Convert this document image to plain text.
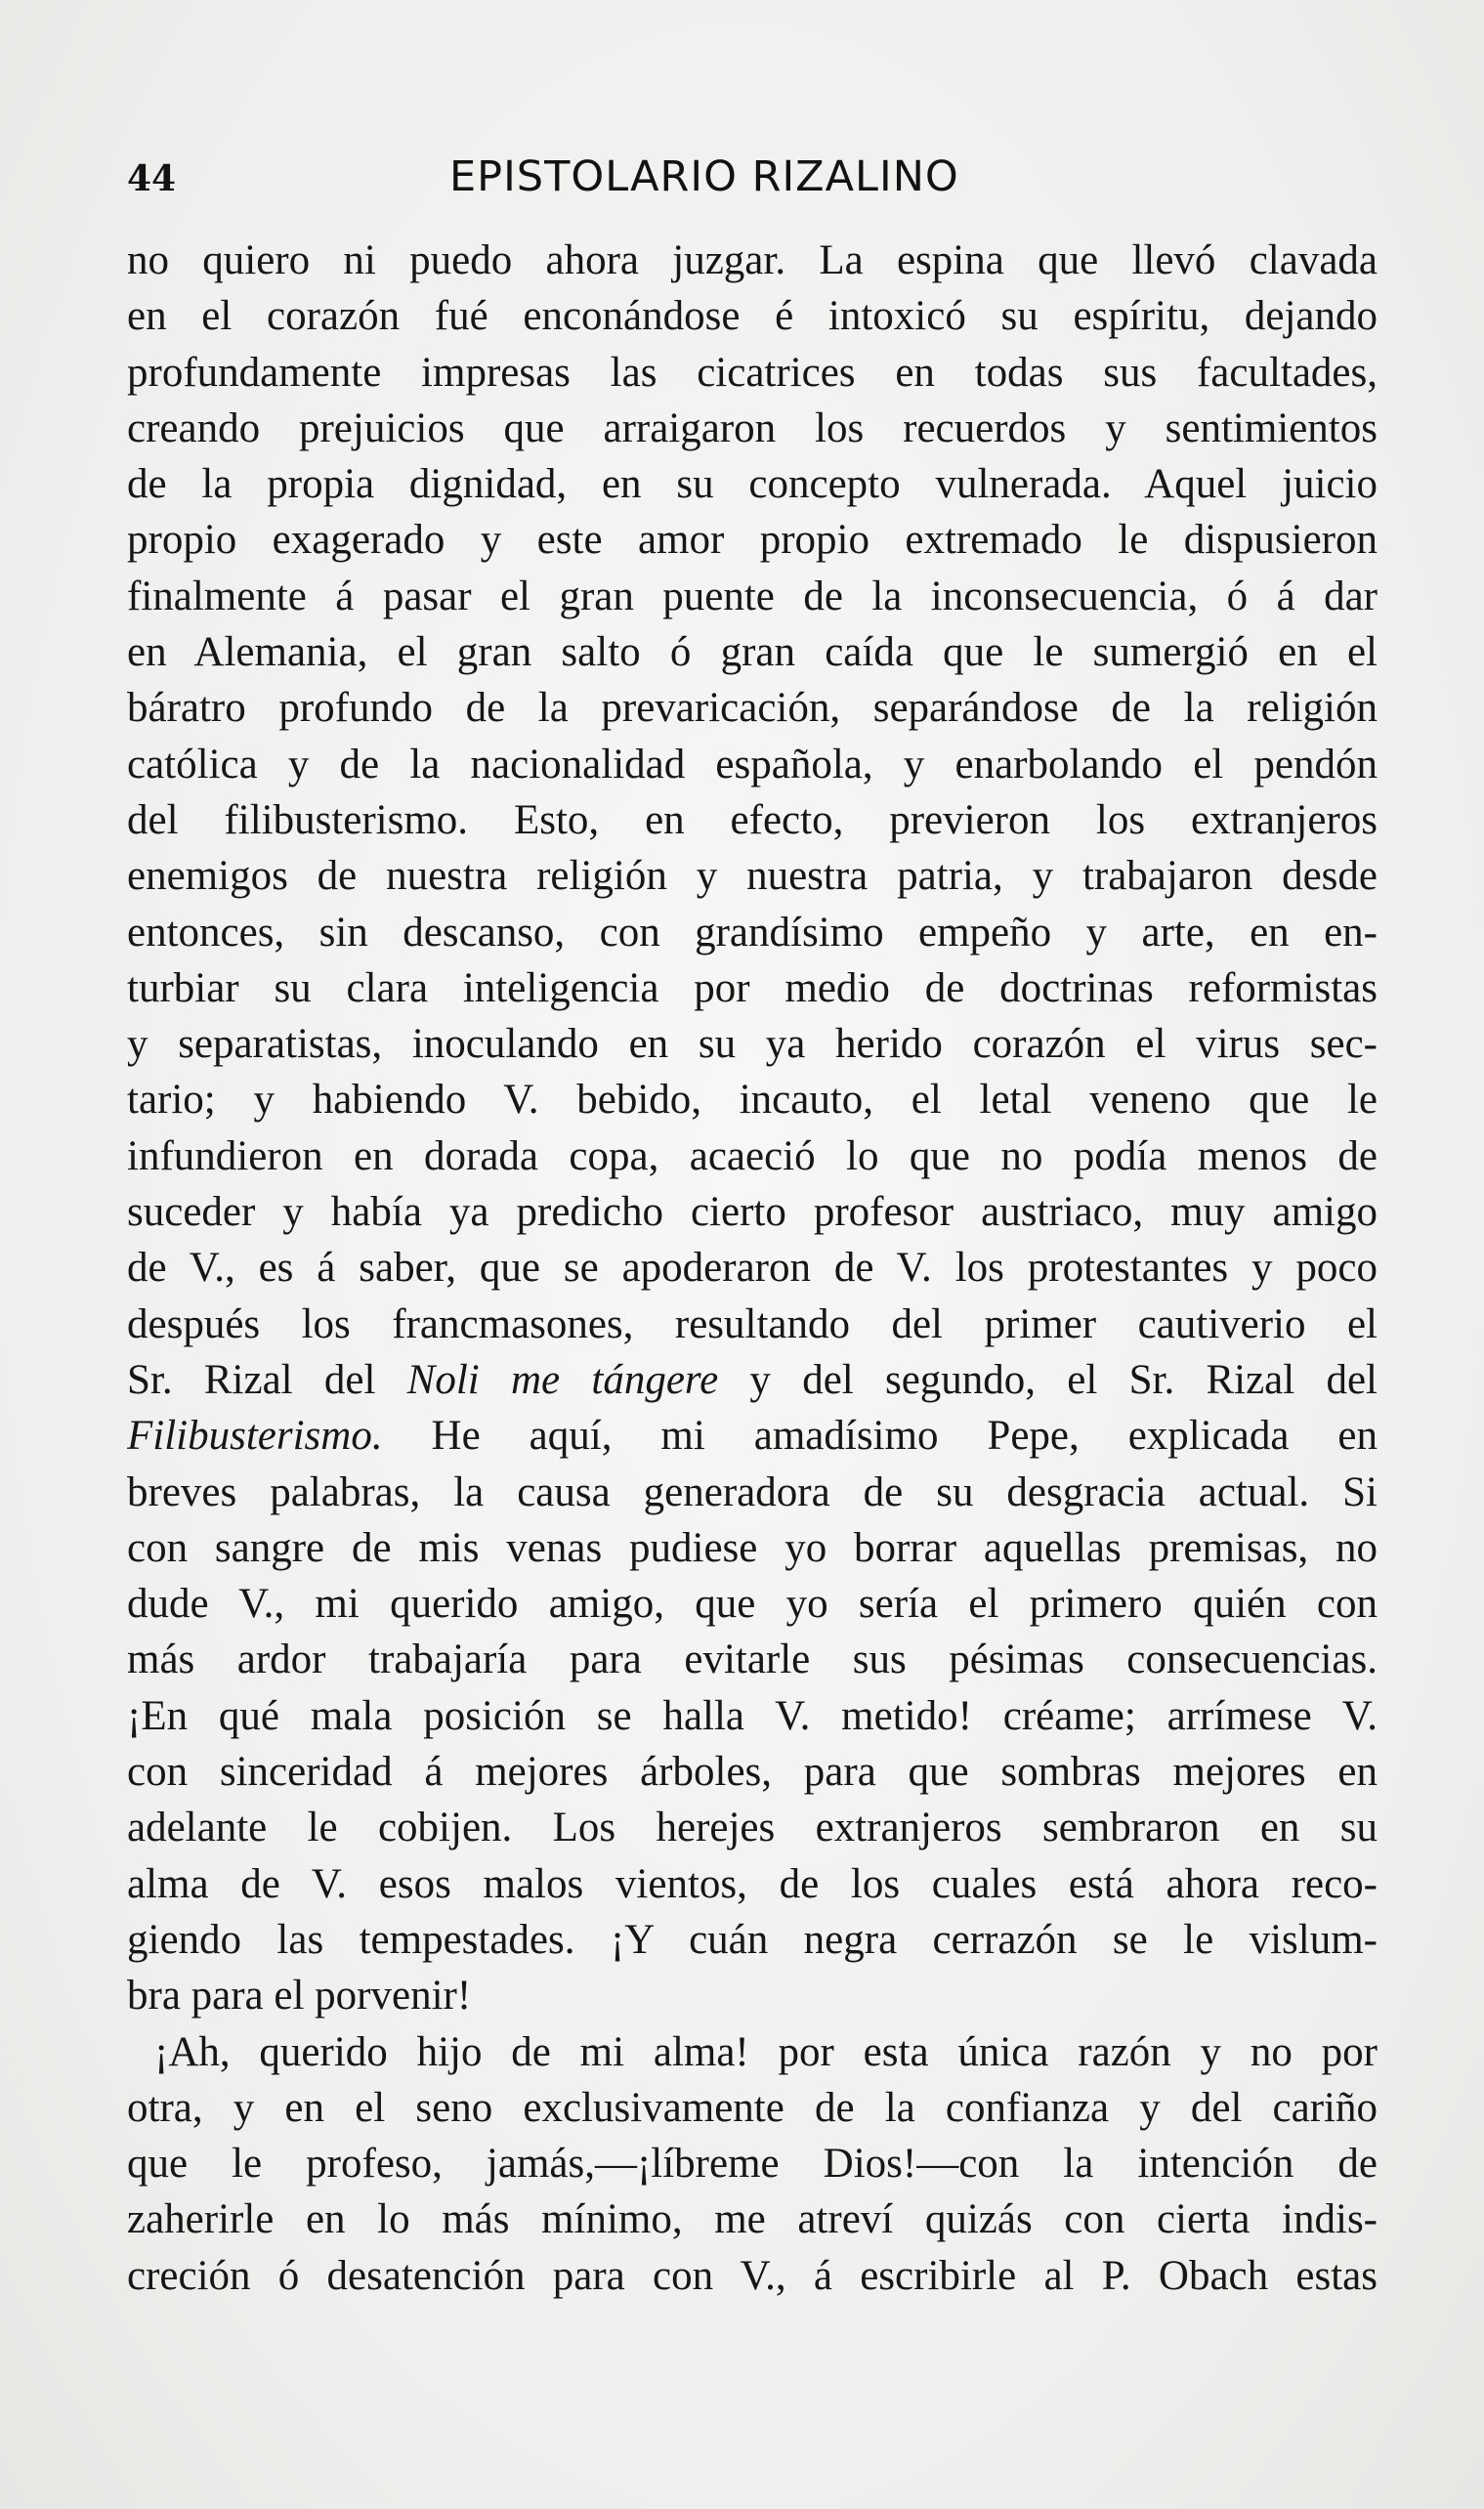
44	EPISTOLARIO RIZALINO
no quiero ni puedo ahora juzgar. La espina que llevó clavada
en el corazón fué enconándose é intoxicó su espíritu, dejando
profundamente impresas las cicatrices en todas sus facultades,
creando prejuicios que arraigaron los recuerdos y sentimientos
de la propia dignidad, en su concepto vulnerada. Aquel juicio
propio exagerado y este amor propio extremado le dispusieron
finalmente á pasar el gran puente de la inconsecuencia, ó á dar
en Alemania, el gran salto ó gran caída que le sumergió en el
báratro profundo de la prevaricación, separándose de la religión
católica y de la nacionalidad española, y enarbolando el pendón
del filibusterismo. Esto, en efecto, previeron los extranjeros
enemigos de nuestra religión y nuestra patria, y trabajaron desde
entonces, sin descanso, con grandísimo empeño y arte, en en-
turbiar su clara inteligencia por medio de doctrinas reformistas
y separatistas, inoculando en su ya herido corazón el virus sec-
tario; y habiendo V. bebido, incauto, el letal veneno que le
infundieron en dorada copa, acaeció lo que no podía menos de
suceder y había ya predicho cierto profesor austriaco, muy amigo
de V., es á saber, que se apoderaron de V. los protestantes y poco
después los francmasones, resultando del primer cautiverio el
Sr. Rizal del Noli me tángere y del segundo, el Sr. Rizal del
Filibusterismo. He aquí, mi amadísimo Pepe, explicada en
breves palabras, la causa generadora de su desgracia actual. Si
con sangre de mis venas pudiese yo borrar aquellas premisas, no
dude V., mi querido amigo, que yo sería el primero quién con
más ardor trabajaría para evitarle sus pésimas consecuencias.
¡En qué mala posición se halla V. metido! créame; arrímese V.
con sinceridad á mejores árboles, para que sombras mejores en
adelante le cobijen. Los herejes extranjeros sembraron en su
alma de V. esos malos vientos, de los cuales está ahora reco-
giendo las tempestades. ¡Y cuán negra cerrazón se le vislum-
bra para el porvenir!
¡Ah, querido hijo de mi alma! por esta única razón y no por
otra, y en el seno exclusivamente de la confianza y del cariño
que le profeso, jamás,—¡líbreme Dios!—con la intención de
zaherirle en lo más mínimo, me atreví quizás con cierta indis-
creción ó desatención para con V., á escribirle al P. Obach estas
